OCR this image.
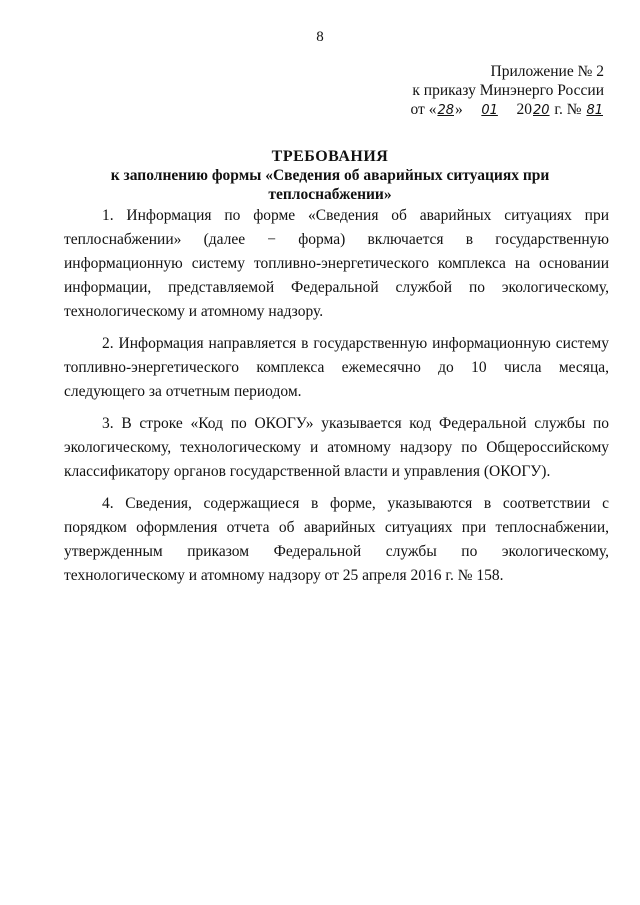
8
Приложение № 2
к приказу Минэнерго России
от «28» 01 2020 г. № 81
ТРЕБОВАНИЯ
к заполнению формы «Сведения об аварийных ситуациях при теплоснабжении»

1. Информация по форме «Сведения об аварийных ситуациях при теплоснабжении» (далее − форма) включается в государственную информационную систему топливно-энергетического комплекса на основании информации, представляемой Федеральной службой по экологическому, технологическому и атомному надзору.

2. Информация направляется в государственную информационную систему топливно-энергетического комплекса ежемесячно до 10 числа месяца, следующего за отчетным периодом.

3. В строке «Код по ОКОГУ» указывается код Федеральной службы по экологическому, технологическому и атомному надзору по Общероссийскому классификатору органов государственной власти и управления (ОКОГУ).

4. Сведения, содержащиеся в форме, указываются в соответствии с порядком оформления отчета об аварийных ситуациях при теплоснабжении, утвержденным приказом Федеральной службы по экологическому, технологическому и атомному надзору от 25 апреля 2016 г. № 158.
